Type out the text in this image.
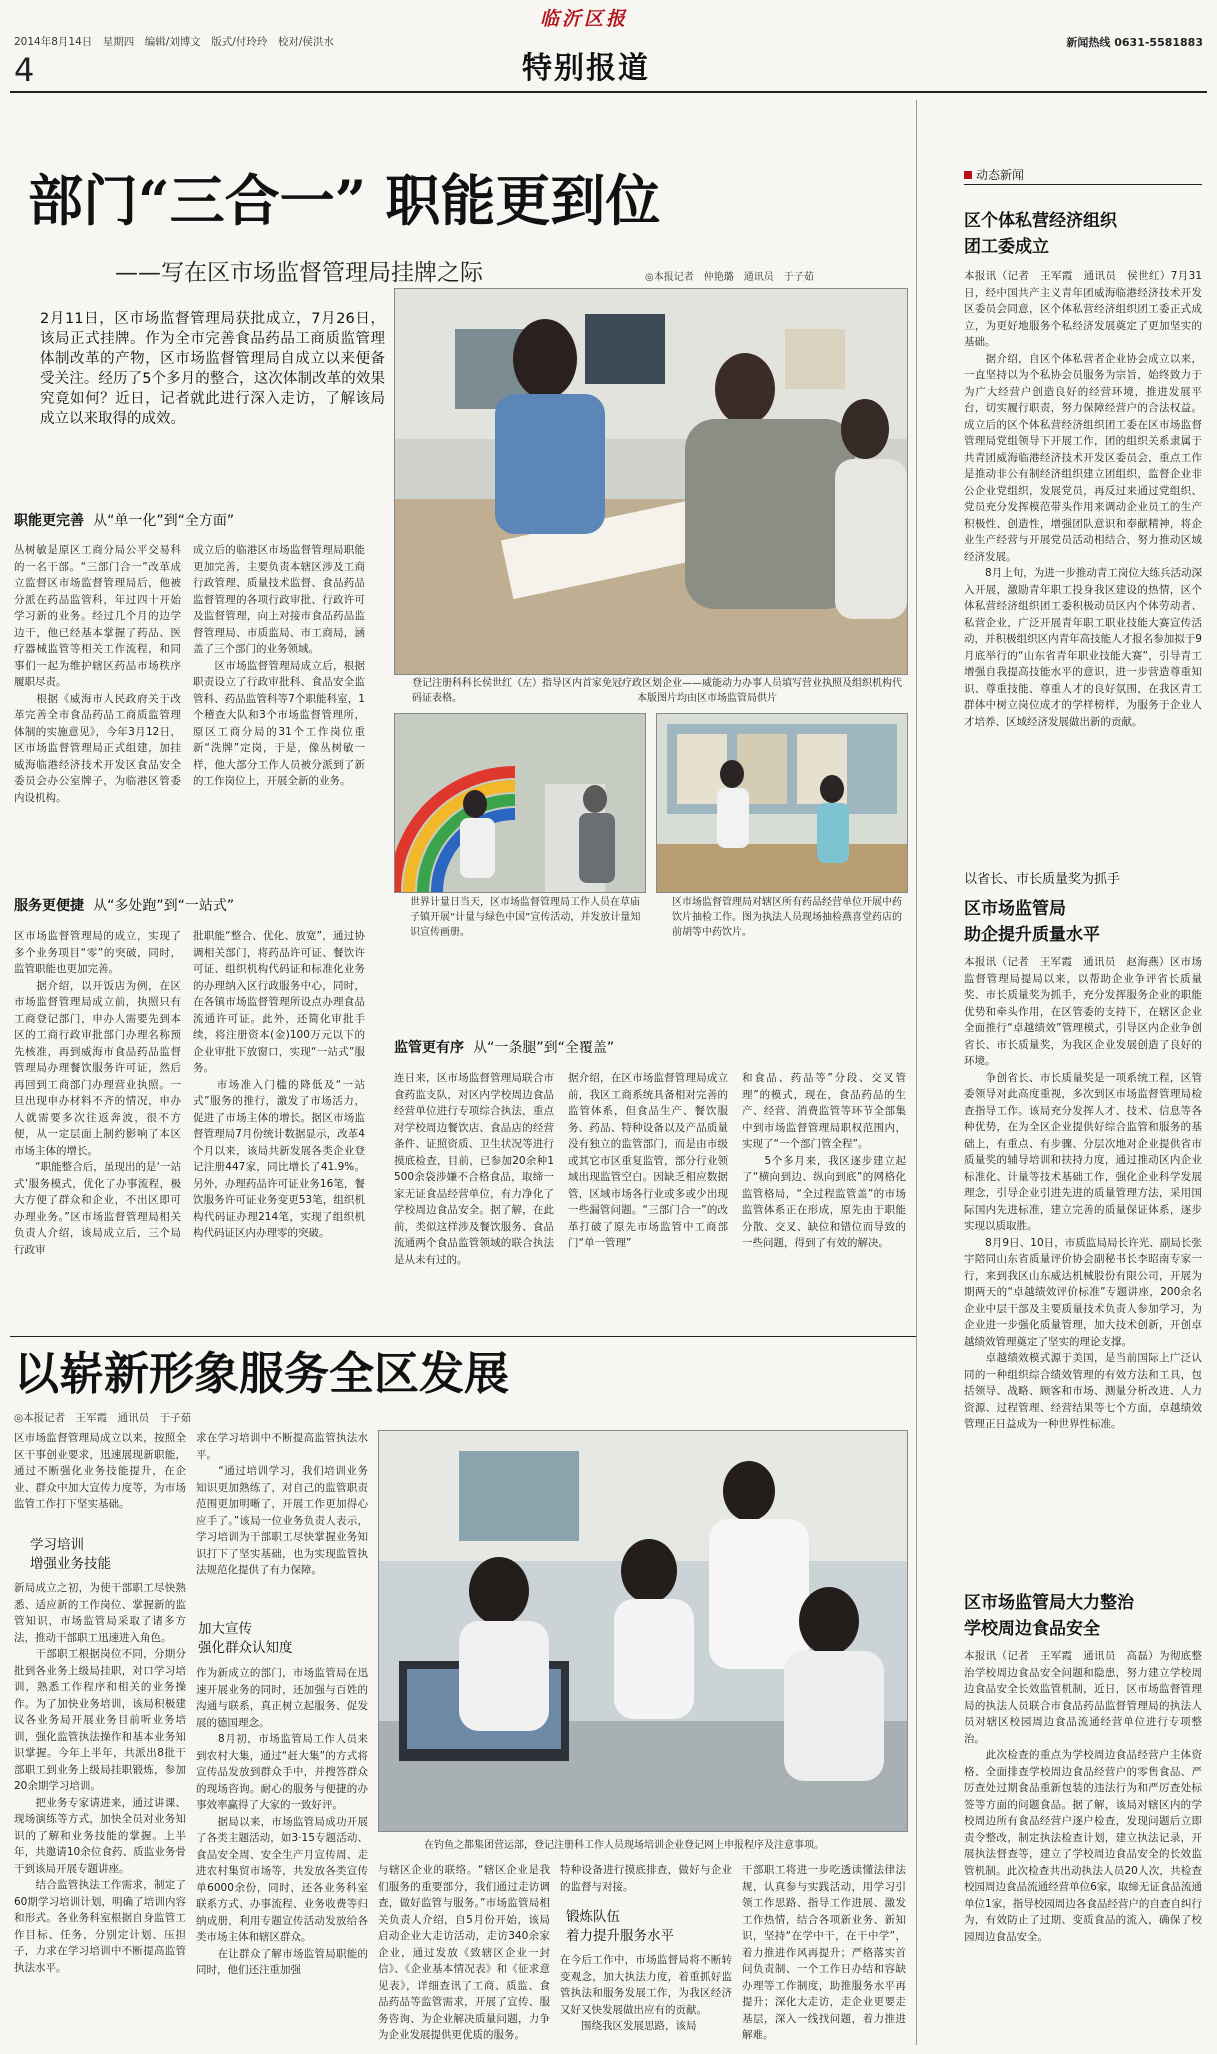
2014年8月14日　星期四　编辑/刘博文　版式/付玲玲　校对/侯洪水
临沂区报
新闻热线 0631-5581883
4	特别报道
部门“三合一” 职能更到位
——写在区市场监督管理局挂牌之际	◎本报记者　仲艳璐　通讯员　于子茹
2月11日，区市场监督管理局获批成立，7月26日，该局正式挂牌。作为全市完善食品药品工商质监管理体制改革的产物，区市场监督管理局自成立以来便备受关注。经历了5个多月的整合，这次体制改革的效果究竟如何？近日，记者就此进行深入走访，了解该局成立以来取得的成效。
职能更完善 从“单一化”到“全方面”
丛树敏是原区工商分局公平交易科的一名干部。“三部门合一”改革成立监督区市场监督管理局后，他被分派在药品监管科，年过四十开始学习新的业务。经过几个月的边学边干，他已经基本掌握了药品、医疗器械监管等相关工作流程，和同事们一起为维护辖区药品市场秩序履职尽责。
　　根据《威海市人民政府关于改革完善全市食品药品工商质监管理体制的实施意见》，今年3月12日，区市场监督管理局正式组建，加挂威海临港经济技术开发区食品安全委员会办公室牌子，为临港区管委内设机构。
成立后的临港区市场监督管理局职能更加完善，主要负责本辖区涉及工商行政管理、质量技术监督、食品药品监督管理的各项行政审批、行政许可及监督管理，向上对接市食品药品监督管理局、市质监局、市工商局，涵盖了三个部门的业务领域。
　　区市场监督管理局成立后，根据职责设立了行政审批科、食品安全监管科、药品监管科等7个职能科室，1个稽查大队和3个市场监督管理所，原区工商分局的31个工作岗位重新“洗牌”定岗，于是，像丛树敏一样，他大部分工作人员被分派到了新的工作岗位上，开展全新的业务。
登记注册科科长侯世红（左）指导区内首家免冠疗政区划企业——威能动力办事人员填写营业执照及组织机构代码证表格。　　　　　　　　　　　　　　　　　　本版图片均由区市场监管局供片
世界计量日当天，区市场监督管理局工作人员在草庙子镇开展“计量与绿色中国”宣传活动，并发放计量知识宣传画册。
区市场监督管理局对辖区所有药品经营单位开展中药饮片抽检工作。图为执法人员现场抽检燕喜堂药店的前胡等中药饮片。
服务更便捷 从“多处跑”到“一站式”
区市场监督管理局的成立，实现了多个业务项目“零”的突破，同时，监管职能也更加完善。
　　据介绍，以开饭店为例，在区市场监督管理局成立前，执照只有工商登记部门，申办人需要先到本区的工商行政审批部门办理名称预先核准，再到威海市食品药品监督管理局办理餐饮服务许可证，然后再回到工商部门办理营业执照。一旦出现申办材料不齐的情况，申办人就需要多次往返奔波，很不方便，从一定层面上制约影响了本区市场主体的增长。
　　“职能整合后，虽现出的是‘一站式’服务模式，优化了办事流程，极大方便了群众和企业，不出区即可办理业务。”区市场监督管理局相关负责人介绍，该局成立后，三个局行政审
批职能“整合、优化、放宽”，通过协调相关部门，将药品许可证、餐饮许可证、组织机构代码证和标准化业务的办理纳入区行政服务中心，同时，在各镇市场监督管理所设点办理食品流通许可证。此外，还简化审批手续，将注册资本(金)100万元以下的企业审批下放窗口，实现“一站式”服务。
　　市场准入门槛的降低及“一站式”服务的推行，激发了市场活力，促进了市场主体的增长。据区市场监督管理局7月份统计数据显示，改革4个月以来，该局共新发展各类企业登记注册447家，同比增长了41.9%。另外，办理药品许可证业务16笔，餐饮服务许可证业务变更53笔，组织机构代码证办理214笔，实现了组织机构代码证区内办理零的突破。
监管更有序 从“一条腿”到“全覆盖”
连日来，区市场监督管理局联合市食药监支队，对区内学校周边食品经营单位进行专项综合执法，重点对学校周边餐饮店、食品店的经营条件、证照资质、卫生状况等进行摸底检查，目前，已参加20余种1500余袋涉嫌不合格食品，取缔一家无证食品经营单位，有力净化了学校周边食品安全。据了解，在此前，类似这样涉及餐饮服务、食品流通两个食品监管领域的联合执法是从未有过的。
据介绍，在区市场监督管理局成立前，我区工商系统具备相对完善的监管体系，但食品生产、餐饮服务、药品、特种设备以及产品质量没有独立的监管部门，而是由市级或其它市区重复监管，部分行业领域出现监管空白。因缺乏相应数据管，区域市场各行业或多或少出现一些漏管问题。“三部门合一”的改革打破了原先市场监管中工商部门“单一管理”
和食品、药品等”分段、交叉管理”的模式，现在，食品药品的生产、经营、消费监管等环节全部集中到市场监督管理局职权范围内，实现了“一个部门管全程”。
　　5个多月来，我区逐步建立起了“横向到边、纵向到底”的网格化监管格局，“全过程监管盖”的市场监管体系正在形成，原先由于职能分散、交叉、缺位和错位而导致的一些问题，得到了有效的解决。
以崭新形象服务全区发展
◎本报记者　王军霞　通讯员　于子茹
区市场监督管理局成立以来，按照全区干事创业要求，迅速展现新职能，通过不断强化业务技能提升，在企业、群众中加大宣传力度等，为市场监管工作打下坚实基础。
学习培训
增强业务技能
新局成立之初，为使干部职工尽快熟悉、适应新的工作岗位、掌握新的监管知识，市场监管局采取了诸多方法，推动干部职工迅速进入角色。
　　干部职工根据岗位不同，分期分批到各业务上级局挂职，对口学习培训，熟悉工作程序和相关的业务操作。为了加快业务培训，该局积极建议各业务局开展业务目前听业务培训，强化监管执法操作和基本业务知识掌握。今年上半年，共派出8批干部职工到业务上级局挂职锻炼，参加20余期学习培训。
　　把业务专家请进来，通过讲课、现场演练等方式，加快全员对业务知识的了解和业务技能的掌握。上半年，共邀请10余位食药、质监业务骨干到该局开展专题讲座。
　　结合监管执法工作需求，制定了60期学习培训计划，明确了培训内容和形式。各业务科室根据自身监管工作目标、任务，分别定计划、压担子，力求在学习培训中不断提高监管执法水平。
求在学习培训中不断提高监管执法水平。
　　“通过培训学习，我们培训业务知识更加熟练了，对自己的监管职责范围更加明晰了，开展工作更加得心应手了。”该局一位业务负责人表示，学习培训为干部职工尽快掌握业务知识打下了坚实基础，也为实现监管执法规范化提供了有力保障。
加大宣传
强化群众认知度
作为新成立的部门，市场监管局在迅速开展业务的同时，还加强与百姓的沟通与联系，真正树立起服务、促发展的德国理念。
　　8月初，市场监管局工作人员来到农村大集，通过“赶大集”的方式将宣传品发放到群众手中，并搜答群众的现场咨询。耐心的服务与便捷的办事效率赢得了大家的一致好评。
　　据局以来，市场监管局成功开展了各类主题活动，如3·15专题活动、食品安全周、安全生产月宣传周、走进农村集贸市场等，共发放各类宣传单6000余份，同时，还各业务科室联系方式、办事流程、业务收费等归纳成册，利用专题宣传活动发放给各类市场主体和辖区群众。
　　在让群众了解市场监管局职能的同时，他们还注重加强
在钓鱼之都集团营运部，登记注册科工作人员现场培训企业登记网上申报程序及注意事项。
与辖区企业的联络。“辖区企业是我们服务的重要部分，我们通过走访调查，做好监管与服务。”市场监管局相关负责人介绍，自5月份开始，该局启动企业大走访活动，走访340余家企业，通过发放《致辖区企业一封信》、《企业基本情况表》和《征求意见表》，详细查讯了工商、质监、食品药品等监管需求，开展了宣传、服务咨询、为企业解决质量问题，力争为企业发展提供更优质的服务。
特种设备进行摸底排查，做好与企业的监督与对接。
锻炼队伍
着力提升服务水平
在今后工作中，市场监督局将不断转变观念，加大执法力度，着重抓好监管执法和服务发展工作，为我区经济又好又快发展做出应有的贡献。
　　围绕我区发展思路，该局
干部职工将进一步吃透读懂法律法规，认真参与实践活动，用学习引领工作思路、指导工作进展、激发工作热情，结合各项新业务、新知识，坚持“在学中干，在干中学”，着力推进作风再提升；严格落实首问负责制、一个工作日办结和容缺办理等工作制度，助推服务水平再提升；深化大走访，走企业更要走基层，深入一线找问题，着力推进解难。
动态新闻
区个体私营经济组织
团工委成立
本报讯（记者　王军霞　通讯员　侯世红）7月31日，经中国共产主义青年团威海临港经济技术开发区委员会同意，区个体私营经济组织团工委正式成立，为更好地服务个私经济发展奠定了更加坚实的基础。
　　据介绍，自区个体私营者企业协会成立以来，一直坚持以为个私协会员服务为宗旨，始终致力于为广大经营户创造良好的经营环境，推进发展平台，切实履行职责，努力保障经营户的合法权益。成立后的区个体私营经济组织团工委在区市场监督管理局党组领导下开展工作，团的组织关系隶属于共青团威海临港经济技术开发区委员会，重点工作是推动非公有制经济组织建立团组织，监督企业非公企业党组织，发展党员，再反过来通过党组织、党员充分发挥模范带头作用来调动企业员工的生产积极性、创造性，增强团队意识和奉献精神，将企业生产经营与开展党员活动相结合，努力推动区域经济发展。
　　8月上旬，为进一步推动青工岗位大练兵活动深入开展，激励青年职工投身我区建设的热情，区个体私营经济组织团工委积极动员区内个体劳动者、私营企业，广泛开展青年职工职业技能大赛宣传活动，并积极组织区内青年高技能人才报名参加拟于9月底举行的“山东省青年职业技能大赛”，引导青工增强自我提高技能水平的意识，进一步营造尊重知识、尊重技能、尊重人才的良好氛围，在我区青工群体中树立岗位成才的学样榜样，为服务于企业人才培养、区域经济发展做出新的贡献。
以省长、市长质量奖为抓手
区市场监管局
助企提升质量水平
本报讯（记者　王军霞　通讯员　赵海燕）区市场监督管理局提局以来，以帮助企业争评省长质量奖、市长质量奖为抓手，充分发挥服务企业的职能优势和牵头作用，在区管委的支持下，在辖区企业全面推行“卓越绩效”管理模式，引导区内企业争创省长、市长质量奖，为我区企业发展创造了良好的环境。
　　争创省长、市长质量奖是一项系统工程，区管委领导对此高度重视，多次到区市场监督管理局检查指导工作。该局充分发挥人才、技术、信息等各种优势，在为全区企业提供好综合监管和服务的基础上，有重点、有步骤、分层次地对企业提供省市质量奖的辅导培训和扶持力度，通过推动区内企业标准化、计量等技术基础工作，强化企业科学发展理念，引导企业引进先进的质量管理方法，采用国际国内先进标准，建立完善的质量保证体系，逐步实现以质取胜。
　　8月9日、10日，市质监局局长许光、副局长张宇陪同山东省质量评价协会副秘书长李昭南专家一行，来到我区山东威达机械股份有限公司，开展为期两天的“卓越绩效评价标准”专题讲座，200余名企业中层干部及主要质量技术负责人参加学习，为企业进一步强化质量管理，加大技术创新，开创卓越绩效管理奠定了坚实的理论支撑。
　　卓越绩效模式源于美国，是当前国际上广泛认同的一种组织综合绩效管理的有效方法和工具，包括领导、战略、顾客和市场、测量分析改进、人力资源、过程管理、经营结果等七个方面，卓越绩效管理正日益成为一种世界性标准。
区市场监管局大力整治
学校周边食品安全
本报讯（记者　王军霞　通讯员　高磊）为彻底整治学校周边食品安全问题和隐患，努力建立学校周边食品安全长效监管机制，近日，区市场监督管理局的执法人员联合市食品药品监督管理局的执法人员对辖区校园周边食品流通经营单位进行专项整治。
　　此次检查的重点为学校周边食品经营户主体资格、全面排查学校周边食品经营户的零售食品、严厉查处过期食品重新包装的违法行为和严厉查处标签等方面的问题食品。据了解，该局对辖区内的学校周边所有食品经营户逐户检查，发现问题后立即责令整改，制定执法检查计划，建立执法记录，开展执法督查等，建立了学校周边食品安全的长效监管机制。此次检查共出动执法人员20人次，共检查校园周边食品流通经营单位6家，取缔无证食品流通单位1家，指导校园周边各食品经营户的自查自纠行为，有效防止了过期、变质食品的流入，确保了校园周边食品安全。
